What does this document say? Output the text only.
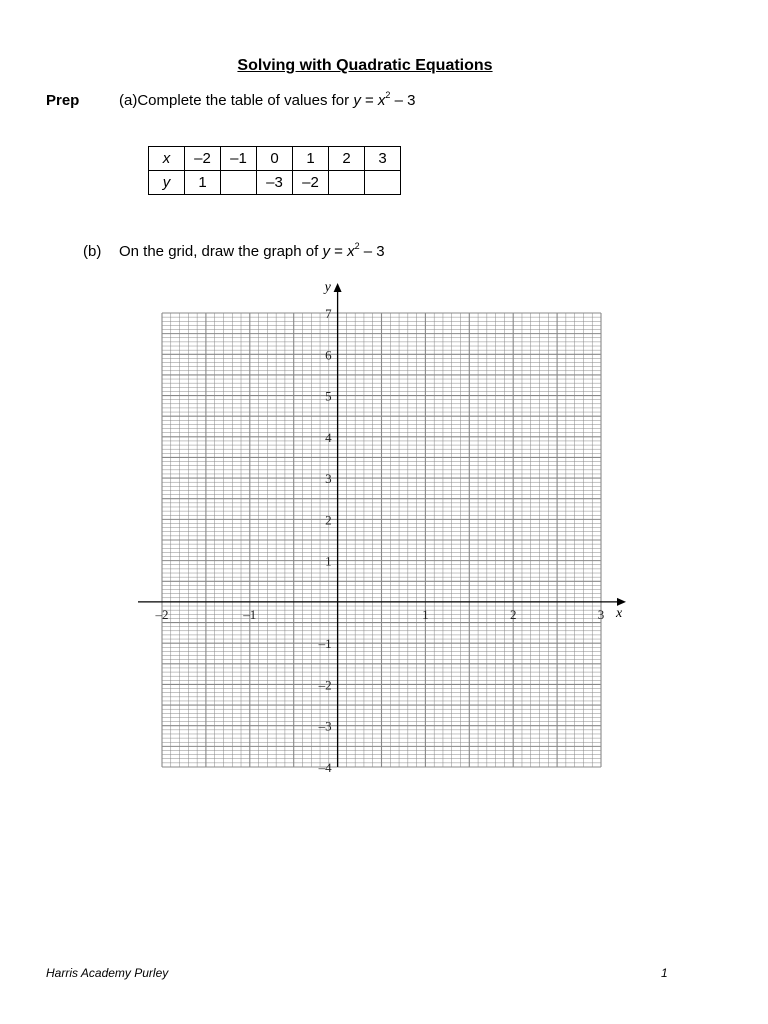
Solving with Quadratic Equations
Prep	(a)Complete the table of values for $y = x^2 - 3$
x	–2	–1	0	1	2	3
y	1		–3	–2		
(b) On the grid, draw the graph of $y = x^2 - 3$
x
y
–2	–1	1	2	3
7
6
5
4
3
2
1
–1
–2
–3
–4
Harris Academy Purley	1
